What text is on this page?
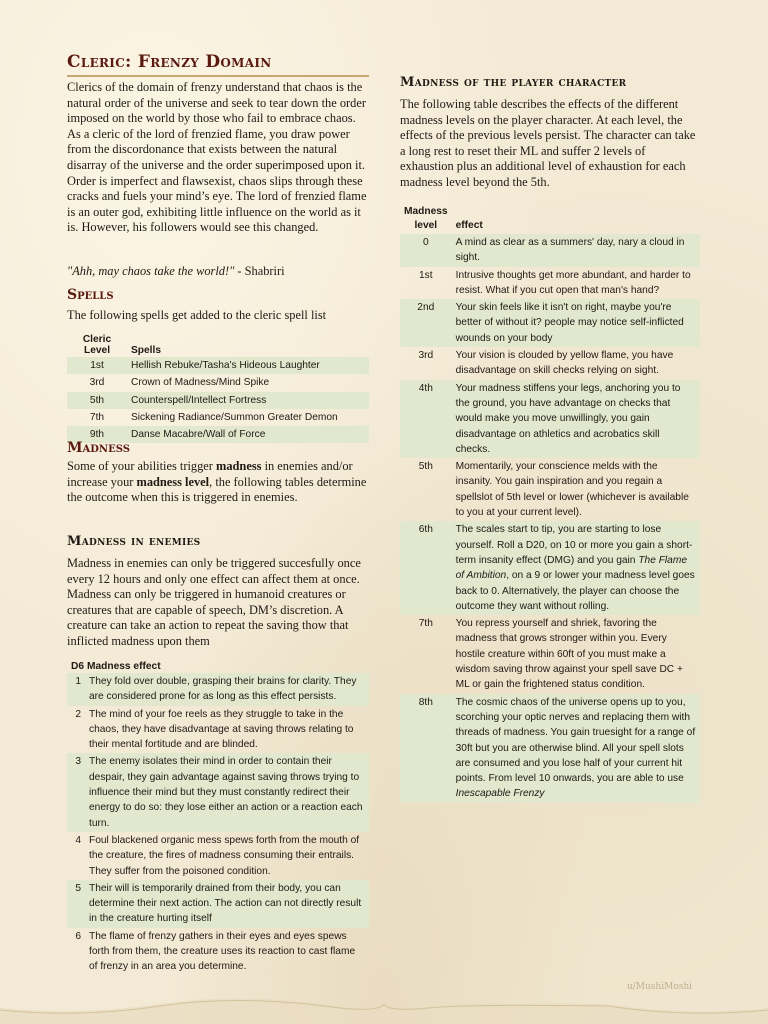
Cleric: Frenzy Domain
Clerics of the domain of frenzy understand that chaos is the natural order of the universe and seek to tear down the order imposed on the world by those who fail to embrace chaos. As a cleric of the lord of frenzied flame, you draw power from the discordonance that exists between the natural disarray of the universe and the order superimposed upon it. Order is imperfect and flawsexist, chaos slips through these cracks and fuels your mind’s eye. The lord of frenzied flame is an outer god, exhibiting little influence on the world as it is. However, his followers would see this changed.
"Ahh, may chaos take the world!" - Shabriri
Spells
The following spells get added to the cleric spell list
Cleric Level	Spells
1st	Hellish Rebuke/Tasha's Hideous Laughter
3rd	Crown of Madness/Mind Spike
5th	Counterspell/Intellect Fortress
7th	Sickening Radiance/Summon Greater Demon
9th	Danse Macabre/Wall of Force
Madness
Some of your abilities trigger madness in enemies and/or increase your madness level, the following tables determine the outcome when this is triggered in enemies.
Madness in enemies
Madness in enemies can only be triggered succesfully once every 12 hours and only one effect can affect them at once. Madness can only be triggered in humanoid creatures or creatures that are capable of speech, DM’s discretion. A creature can take an action to repeat the saving thow that inflicted madness upon them
D6	Madness effect
1	They fold over double, grasping their brains for clarity. They are considered prone for as long as this effect persists.
2	The mind of your foe reels as they struggle to take in the chaos, they have disadvantage at saving throws relating to their mental fortitude and are blinded.
3	The enemy isolates their mind in order to contain their despair, they gain advantage against saving throws trying to influence their mind but they must constantly redirect their energy to do so: they lose either an action or a reaction each turn.
4	Foul blackened organic mess spews forth from the mouth of the creature, the fires of madness consuming their entrails. They suffer from the poisoned condition.
5	Their will is temporarily drained from their body, you can determine their next action. The action can not directly result in the creature hurting itself
6	The flame of frenzy gathers in their eyes and eyes spews forth from them, the creature uses its reaction to cast flame of frenzy in an area you determine.
Madness of the player character
The following table describes the effects of the different madness levels on the player character. At each level, the effects of the previous levels persist. The character can take a long rest to reset their ML and suffer 2 levels of exhaustion plus an additional level of exhaustion for each madness level beyond the 5th.
Madness
level	effect
0	A mind as clear as a summers' day, nary a cloud in sight.
1st	Intrusive thoughts get more abundant, and harder to resist. What if you cut open that man's hand?
2nd	Your skin feels like it isn't on right, maybe you're better of without it? people may notice self-inflicted wounds on your body
3rd	Your vision is clouded by yellow flame, you have disadvantage on skill checks relying on sight.
4th	Your madness stiffens your legs, anchoring you to the ground, you have advantage on checks that would make you move unwillingly, you gain disadvantage on athletics and acrobatics skill checks.
5th	Momentarily, your conscience melds with the insanity. You gain inspiration and you regain a spellslot of 5th level or lower (whichever is available to you at your current level).
6th	The scales start to tip, you are starting to lose yourself. Roll a D20, on 10 or more you gain a short-term insanity effect (DMG) and you gain The Flame of Ambition, on a 9 or lower your madness level goes back to 0. Alternatively, the player can choose the outcome they want without rolling.
7th	You repress yourself and shriek, favoring the madness that grows stronger within you. Every hostile creature within 60ft of you must make a wisdom saving throw against your spell save DC + ML or gain the frightened status condition.
8th	The cosmic chaos of the universe opens up to you, scorching your optic nerves and replacing them with threads of madness. You gain truesight for a range of 30ft but you are otherwise blind. All your spell slots are consumed and you lose half of your current hit points. From level 10 onwards, you are able to use Inescapable Frenzy
u/MushiMoshi
